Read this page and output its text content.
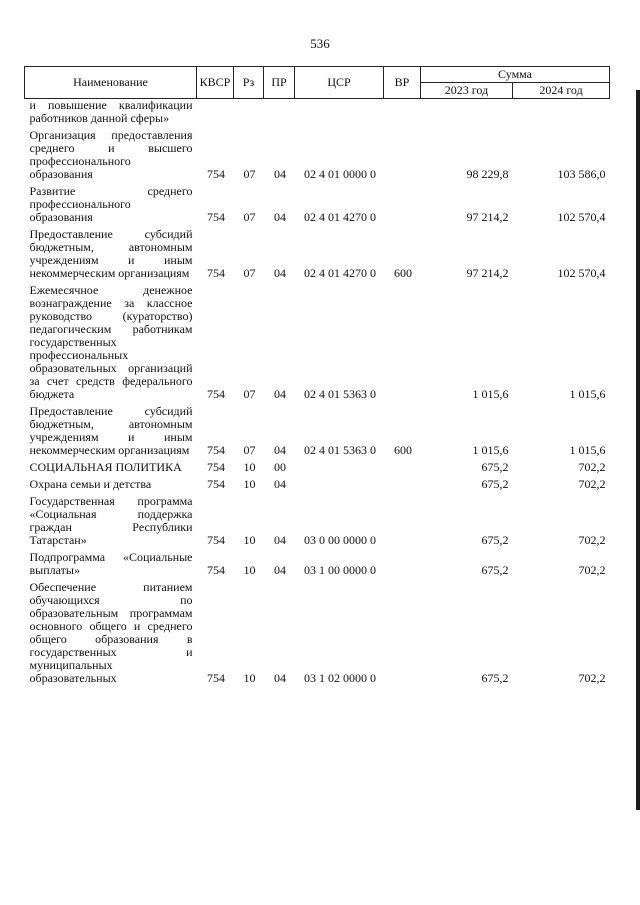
536
Наименование	КВСР	Рз	ПР	ЦСР	ВР	Сумма	
						2023 год	2024 год
и повышение квалификации работников данной сферы»							
Организация предоставления среднего и высшего профессионального образования	754	07	04	02 4 01 0000 0		98 229,8	103 586,0
Развитие среднего профессионального образования	754	07	04	02 4 01 4270 0		97 214,2	102 570,4
Предоставление субсидий бюджетным, автономным учреждениям и иным некоммерческим организациям	754	07	04	02 4 01 4270 0	600	97 214,2	102 570,4
Ежемесячное денежное вознаграждение за классное руководство (кураторство) педагогическим работникам государственных профессиональных образовательных организаций за счет средств федерального бюджета	754	07	04	02 4 01 5363 0		1 015,6	1 015,6
Предоставление субсидий бюджетным, автономным учреждениям и иным некоммерческим организациям	754	07	04	02 4 01 5363 0	600	1 015,6	1 015,6
СОЦИАЛЬНАЯ ПОЛИТИКА	754	10	00			675,2	702,2
Охрана семьи и детства	754	10	04			675,2	702,2
Государственная программа «Социальная поддержка граждан Республики Татарстан»	754	10	04	03 0 00 0000 0		675,2	702,2
Подпрограмма «Социальные выплаты»	754	10	04	03 1 00 0000 0		675,2	702,2
Обеспечение питанием обучающихся по образовательным программам основного общего и среднего общего образования в государственных и муниципальных образовательных	754	10	04	03 1 02 0000 0		675,2	702,2
